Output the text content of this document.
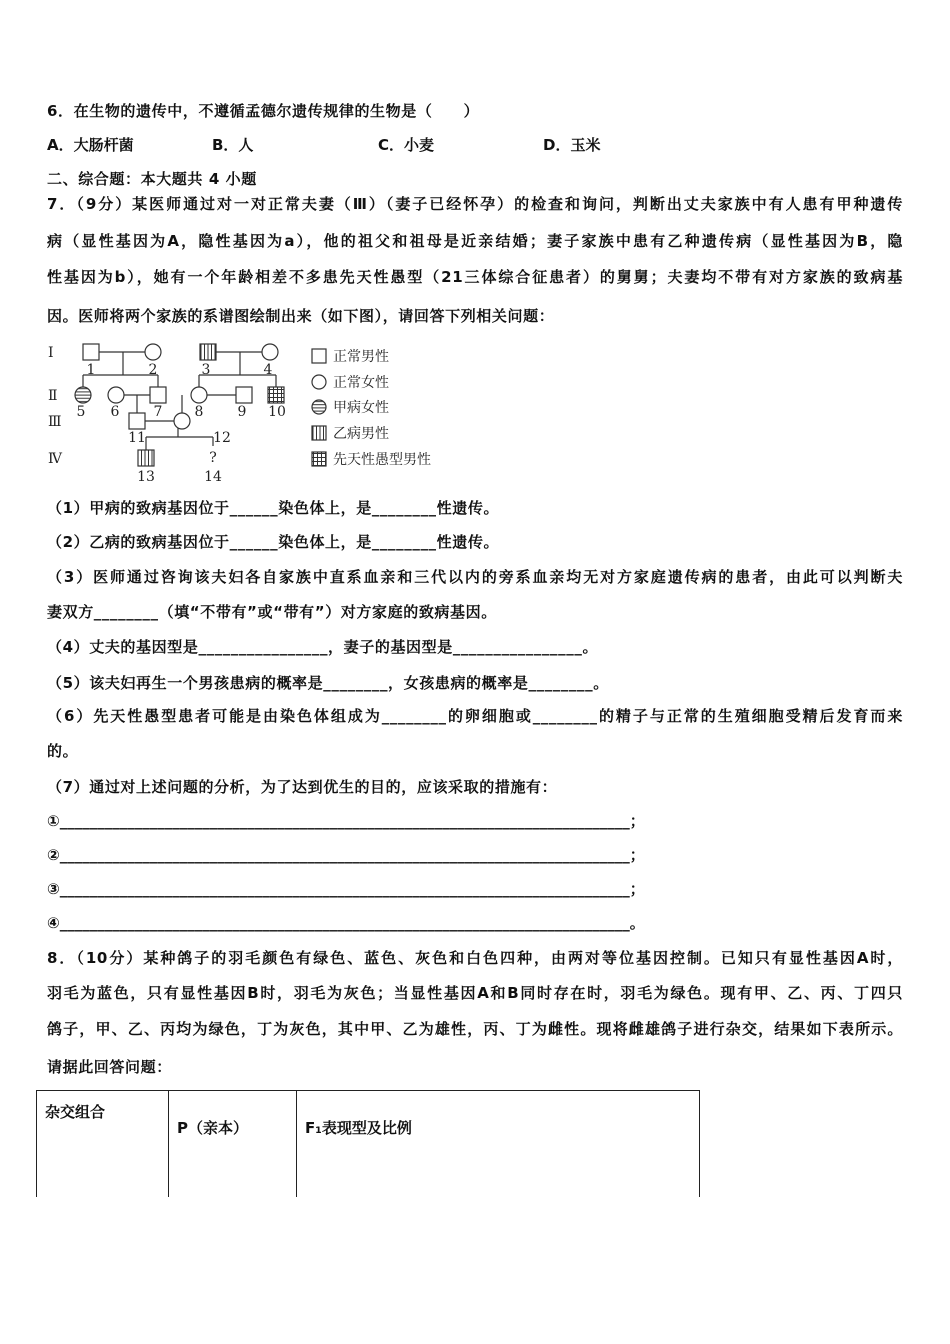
6．在生物的遗传中，不遵循孟德尔遗传规律的生物是（　　）
A．大肠杆菌	B．人	C．小麦	D．玉米
二、综合题：本大题共 4 小题
7．（9分）某医师通过对一对正常夫妻（Ⅲ）（妻子已经怀孕）的检查和询问，判断出丈夫家族中有人患有甲种遗传
病（显性基因为A，隐性基因为a），他的祖父和祖母是近亲结婚；妻子家族中患有乙种遗传病（显性基因为B，隐
性基因为b），她有一个年龄相差不多患先天性愚型（21三体综合征患者）的舅舅；夫妻均不带有对方家族的致病基
因。医师将两个家族的系谱图绘制出来（如下图），请回答下列相关问题：
Ⅰ
Ⅱ
Ⅲ
Ⅳ
1	2	3	4
5 6 7 8 9 10
11	12
13
?
14
正常男性
正常女性
甲病女性
乙病男性
先天性愚型男性
（1）甲病的致病基因位于______染色体上，是________性遗传。
（2）乙病的致病基因位于______染色体上，是________性遗传。
（3）医师通过咨询该夫妇各自家族中直系血亲和三代以内的旁系血亲均无对方家庭遗传病的患者，由此可以判断夫
妻双方________（填“不带有”或“带有”）对方家庭的致病基因。
（4）丈夫的基因型是________________，妻子的基因型是________________。
（5）该夫妇再生一个男孩患病的概率是________，女孩患病的概率是________。
（6）先天性愚型患者可能是由染色体组成为________的卵细胞或________的精子与正常的生殖细胞受精后发育而来
的。
（7）通过对上述问题的分析，为了达到优生的目的，应该采取的措施有：
①____________________________________________________________________________；
②____________________________________________________________________________；
③____________________________________________________________________________；
④____________________________________________________________________________。
8．（10分）某种鸽子的羽毛颜色有绿色、蓝色、灰色和白色四种，由两对等位基因控制。已知只有显性基因A时，
羽毛为蓝色，只有显性基因B时，羽毛为灰色；当显性基因A和B同时存在时，羽毛为绿色。现有甲、乙、丙、丁四只
鸽子，甲、乙、丙均为绿色，丁为灰色，其中甲、乙为雄性，丙、丁为雌性。现将雌雄鸽子进行杂交，结果如下表所示。
请据此回答问题：
杂交组合	P（亲本）	F₁表现型及比例
